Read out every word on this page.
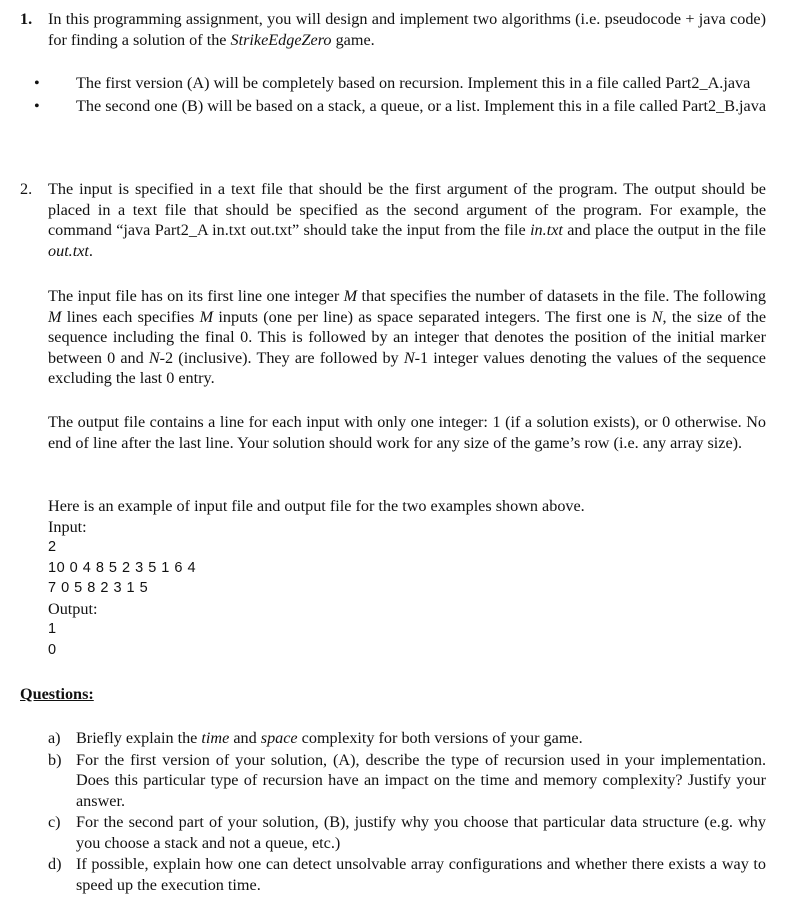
1. In this programming assignment, you will design and implement two algorithms (i.e. pseudocode + java code) for finding a solution of the StrikeEdgeZero game.

• The first version (A) will be completely based on recursion. Implement this in a file called Part2_A.java
• The second one (B) will be based on a stack, a queue, or a list. Implement this in a file called Part2_B.java
2. The input is specified in a text file that should be the first argument of the program. The output should be placed in a text file that should be specified as the second argument of the program. For example, the command “java Part2_A in.txt out.txt” should take the input from the file in.txt and place the output in the file out.txt.

The input file has on its first line one integer M that specifies the number of datasets in the file. The following M lines each specifies M inputs (one per line) as space separated integers. The first one is N, the size of the sequence including the final 0. This is followed by an integer that denotes the position of the initial marker between 0 and N-2 (inclusive). They are followed by N-1 integer values denoting the values of the sequence excluding the last 0 entry.

The output file contains a line for each input with only one integer: 1 (if a solution exists), or 0 otherwise. No end of line after the last line. Your solution should work for any size of the game’s row (i.e. any array size).

Here is an example of input file and output file for the two examples shown above.

Input:
2
10 0 4 8 5 2 3 5 1 6 4
7 0 5 8 2 3 1 5
Output:
1
0
Questions:
a) Briefly explain the time and space complexity for both versions of your game.
b) For the first version of your solution, (A), describe the type of recursion used in your implementation. Does this particular type of recursion have an impact on the time and memory complexity? Justify your answer.
c) For the second part of your solution, (B), justify why you choose that particular data structure (e.g. why you choose a stack and not a queue, etc.)
d) If possible, explain how one can detect unsolvable array configurations and whether there exists a way to speed up the execution time.
